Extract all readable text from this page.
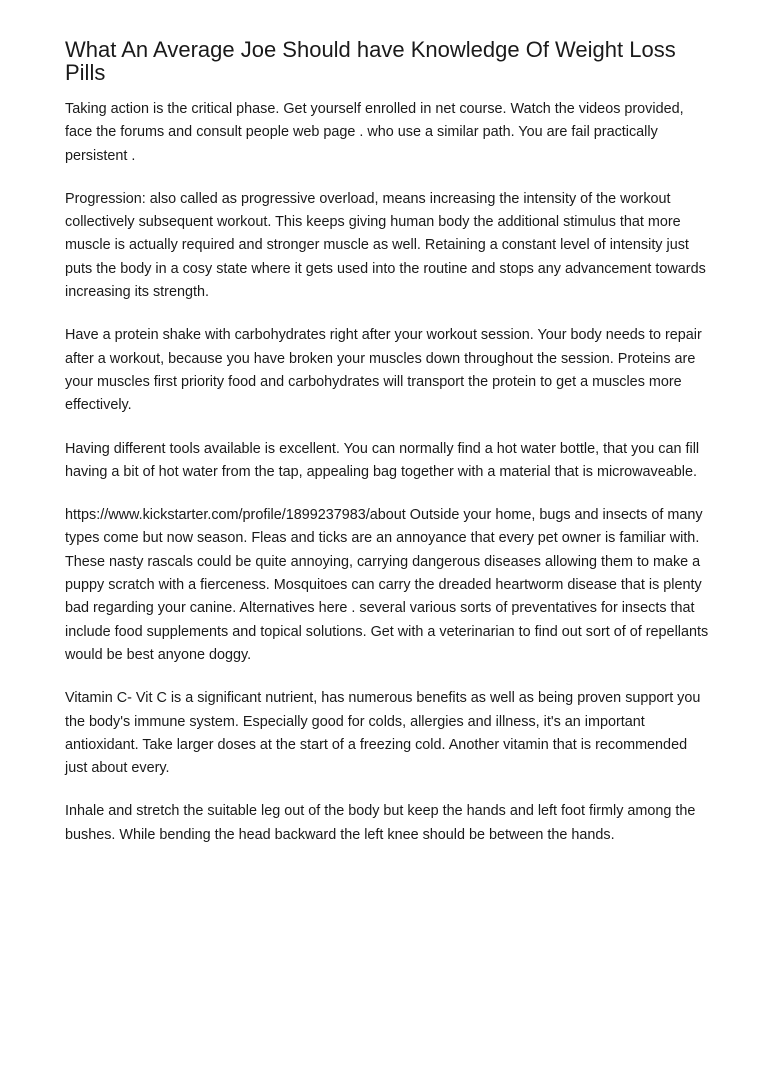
What An Average Joe Should have Knowledge Of Weight Loss Pills

Taking action is the critical phase. Get yourself enrolled in net course. Watch the videos provided, face the forums and consult people web page . who use a similar path. You are fail practically persistent .

Progression: also called as progressive overload, means increasing the intensity of the workout collectively subsequent workout. This keeps giving human body the additional stimulus that more muscle is actually required and stronger muscle as well. Retaining a constant level of intensity just puts the body in a cosy state where it gets used into the routine and stops any advancement towards increasing its strength.

Have a protein shake with carbohydrates right after your workout session. Your body needs to repair after a workout, because you have broken your muscles down throughout the session. Proteins are your muscles first priority food and carbohydrates will transport the protein to get a muscles more effectively.

Having different tools available is excellent. You can normally find a hot water bottle, that you can fill having a bit of hot water from the tap, appealing bag together with a material that is microwaveable.

https://www.kickstarter.com/profile/1899237983/about Outside your home, bugs and insects of many types come but now season. Fleas and ticks are an annoyance that every pet owner is familiar with. These nasty rascals could be quite annoying, carrying dangerous diseases allowing them to make a puppy scratch with a fierceness. Mosquitoes can carry the dreaded heartworm disease that is plenty bad regarding your canine. Alternatives here . several various sorts of preventatives for insects that include food supplements and topical solutions. Get with a veterinarian to find out sort of of repellants would be best anyone doggy.

Vitamin C- Vit C is a significant nutrient, has numerous benefits as well as being proven support you the body's immune system. Especially good for colds, allergies and illness, it's an important antioxidant. Take larger doses at the start of a freezing cold. Another vitamin that is recommended just about every.

Inhale and stretch the suitable leg out of the body but keep the hands and left foot firmly among the bushes. While bending the head backward the left knee should be between the hands.
